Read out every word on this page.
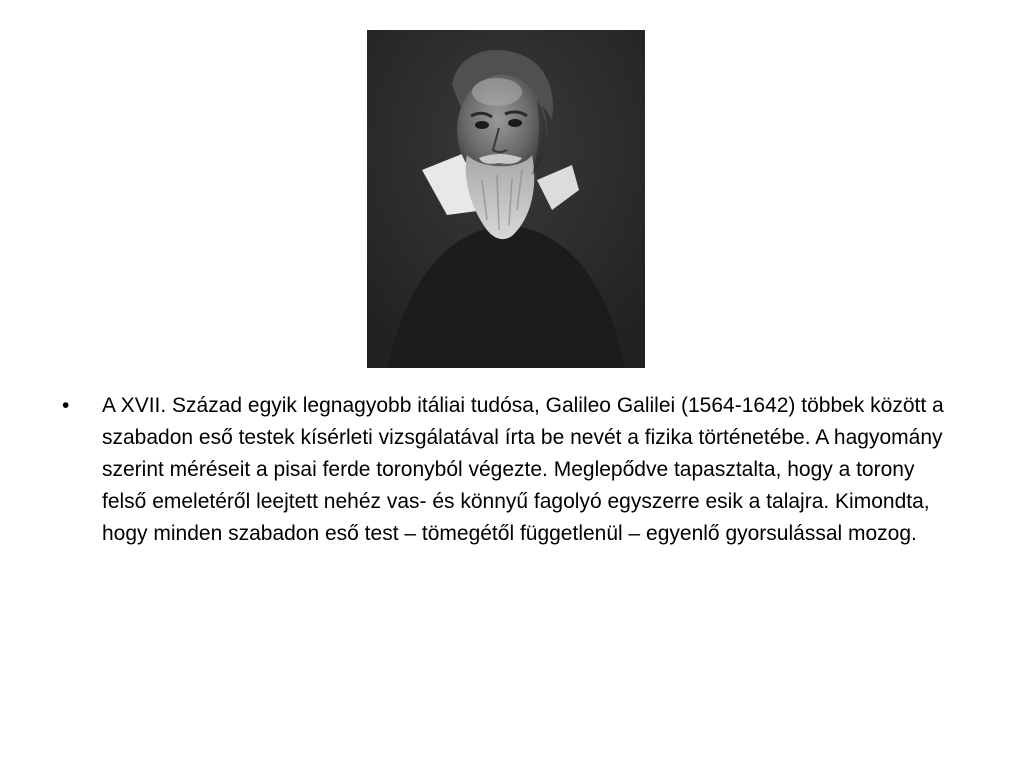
•	A XVII. Század egyik legnagyobb itáliai tudósa, Galileo Galilei (1564-1642) többek között a szabadon eső testek kísérleti vizsgálatával írta be nevét a fizika történetébe. A hagyomány szerint méréseit a pisai ferde toronyból végezte. Meglepődve tapasztalta, hogy a torony felső emeletéről leejtett nehéz vas- és könnyű fagolyó egyszerre esik a talajra. Kimondta, hogy minden szabadon eső test – tömegétől függetlenül – egyenlő gyorsulással mozog.
